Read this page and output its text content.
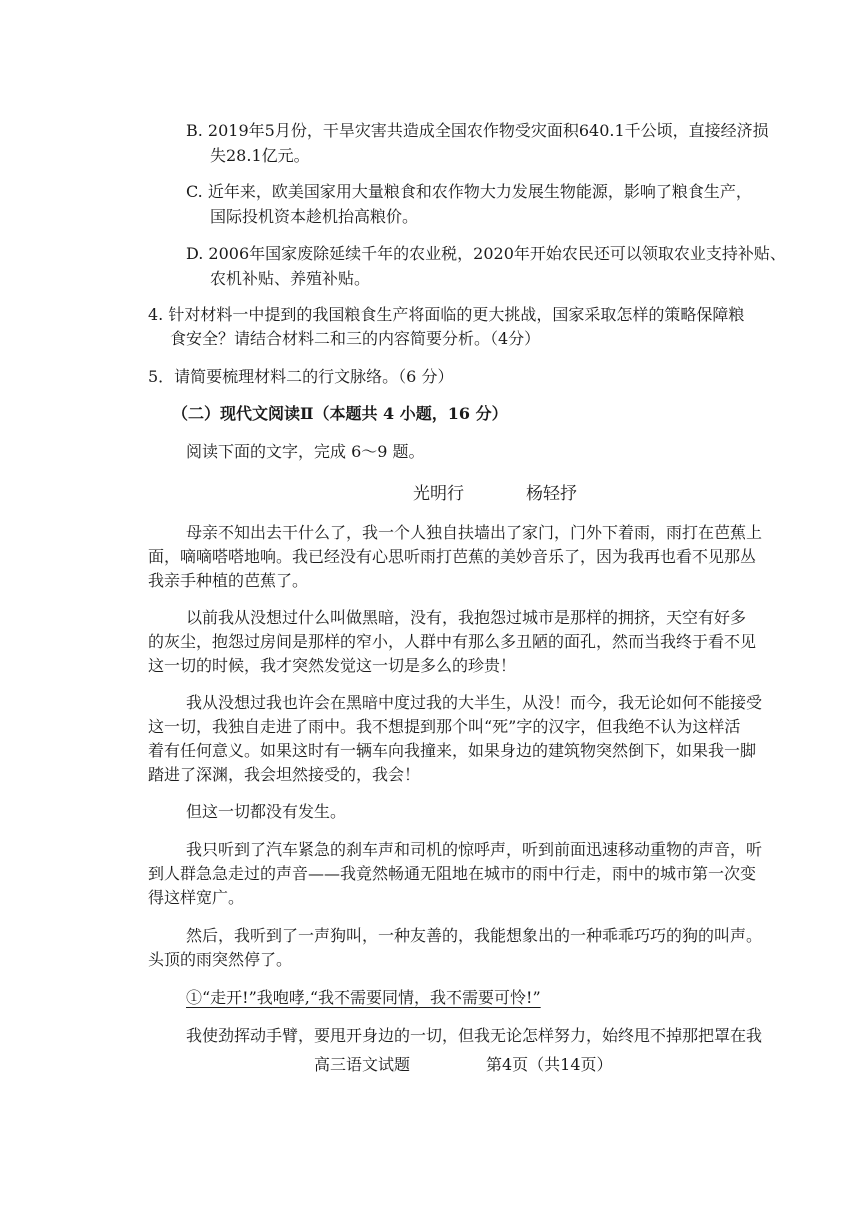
B. 2019年5月份，干旱灾害共造成全国农作物受灾面积640.1千公顷，直接经济损
失28.1亿元。
C. 近年来，欧美国家用大量粮食和农作物大力发展生物能源，影响了粮食生产，
国际投机资本趁机抬高粮价。
D. 2006年国家废除延续千年的农业税，2020年开始农民还可以领取农业支持补贴、
农机补贴、养殖补贴。
4. 针对材料一中提到的我国粮食生产将面临的更大挑战，国家采取怎样的策略保障粮
食安全？请结合材料二和三的内容简要分析。（4分）
5．请简要梳理材料二的行文脉络。（6 分）
（二）现代文阅读Ⅱ（本题共 4 小题，16 分）
阅读下面的文字，完成 6～9 题。
光明行	杨轻抒
母亲不知出去干什么了，我一个人独自扶墙出了家门，门外下着雨，雨打在芭蕉上
面，嘀嘀嗒嗒地响。我已经没有心思听雨打芭蕉的美妙音乐了，因为我再也看不见那丛
我亲手种植的芭蕉了。
以前我从没想过什么叫做黑暗，没有，我抱怨过城市是那样的拥挤，天空有好多
的灰尘，抱怨过房间是那样的窄小，人群中有那么多丑陋的面孔，然而当我终于看不见
这一切的时候，我才突然发觉这一切是多么的珍贵！
我从没想过我也许会在黑暗中度过我的大半生，从没！而今，我无论如何不能接受
这一切，我独自走进了雨中。我不想提到那个叫“死”字的汉字，但我绝不认为这样活
着有任何意义。如果这时有一辆车向我撞来，如果身边的建筑物突然倒下，如果我一脚
踏进了深渊，我会坦然接受的，我会！
但这一切都没有发生。
我只听到了汽车紧急的刹车声和司机的惊呼声，听到前面迅速移动重物的声音，听
到人群急急走过的声音——我竟然畅通无阻地在城市的雨中行走，雨中的城市第一次变
得这样宽广。
然后，我听到了一声狗叫，一种友善的，我能想象出的一种乖乖巧巧的狗的叫声。
头顶的雨突然停了。
①“走开!”我咆哮,“我不需要同情，我不需要可怜!”
我使劲挥动手臂，要甩开身边的一切，但我无论怎样努力，始终甩不掉那把罩在我
高三语文试题	第4页（共14页）
